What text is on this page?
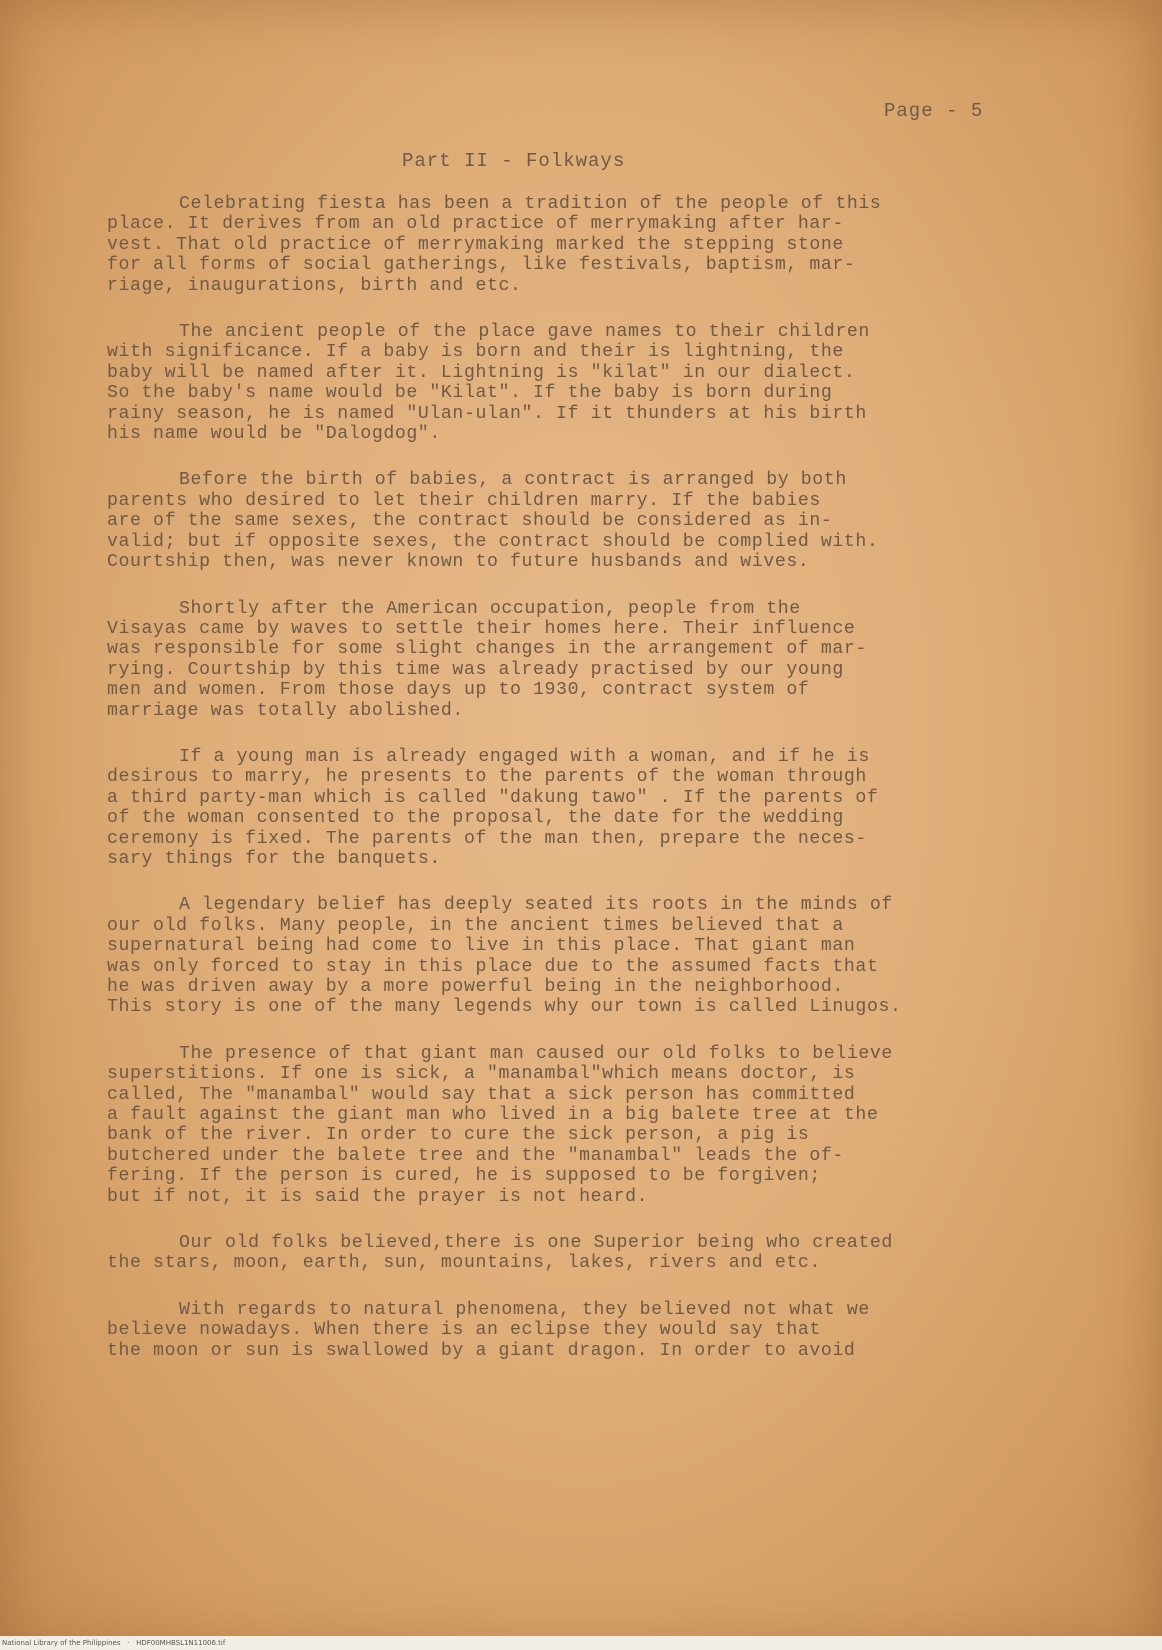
Page - 5
Part II - Folkways

Celebrating fiesta has been a tradition of the people of this
place. It derives from an old practice of merrymaking after har-
vest. That old practice of merrymaking marked the stepping stone
for all forms of social gatherings, like festivals, baptism, mar-
riage, inaugurations, birth and etc.

The ancient people of the place gave names to their children
with significance. If a baby is born and their is lightning, the
baby will be named after it. Lightning is "kilat" in our dialect.
So the baby's name would be "Kilat". If the baby is born during
rainy season, he is named "Ulan-ulan". If it thunders at his birth
his name would be "Dalogdog".

Before the birth of babies, a contract is arranged by both
parents who desired to let their children marry. If the babies
are of the same sexes, the contract should be considered as in-
valid; but if opposite sexes, the contract should be complied with.
Courtship then, was never known to future husbands and wives.

Shortly after the American occupation, people from the
Visayas came by waves to settle their homes here. Their influence
was responsible for some slight changes in the arrangement of mar-
rying. Courtship by this time was already practised by our young
men and women. From those days up to 1930, contract system of
marriage was totally abolished.

If a young man is already engaged with a woman, and if he is
desirous to marry, he presents to the parents of the woman through
a third party-man which is called "dakung tawo" . If the parents of
of the woman consented to the proposal, the date for the wedding
ceremony is fixed. The parents of the man then, prepare the neces-
sary things for the banquets.

A legendary belief has deeply seated its roots in the minds of
our old folks. Many people, in the ancient times believed that a
supernatural being had come to live in this place. That giant man
was only forced to stay in this place due to the assumed facts that
he was driven away by a more powerful being in the neighborhood.
This story is one of the many legends why our town is called Linugos.

The presence of that giant man caused our old folks to believe
superstitions. If one is sick, a "manambal"which means doctor, is
called, The "manambal" would say that a sick person has committed
a fault against the giant man who lived in a big balete tree at the
bank of the river. In order to cure the sick person, a pig is
butchered under the balete tree and the "manambal" leads the of-
fering. If the person is cured, he is supposed to be forgiven;
but if not, it is said the prayer is not heard.

Our old folks believed,there is one Superior being who created
the stars, moon, earth, sun, mountains, lakes, rivers and etc.

With regards to natural phenomena, they believed not what we
believe nowadays. When there is an eclipse they would say that
the moon or sun is swallowed by a giant dragon. In order to avoid

National Library of the Philippines   ·   HDF00MHBSL1N11006.tif
